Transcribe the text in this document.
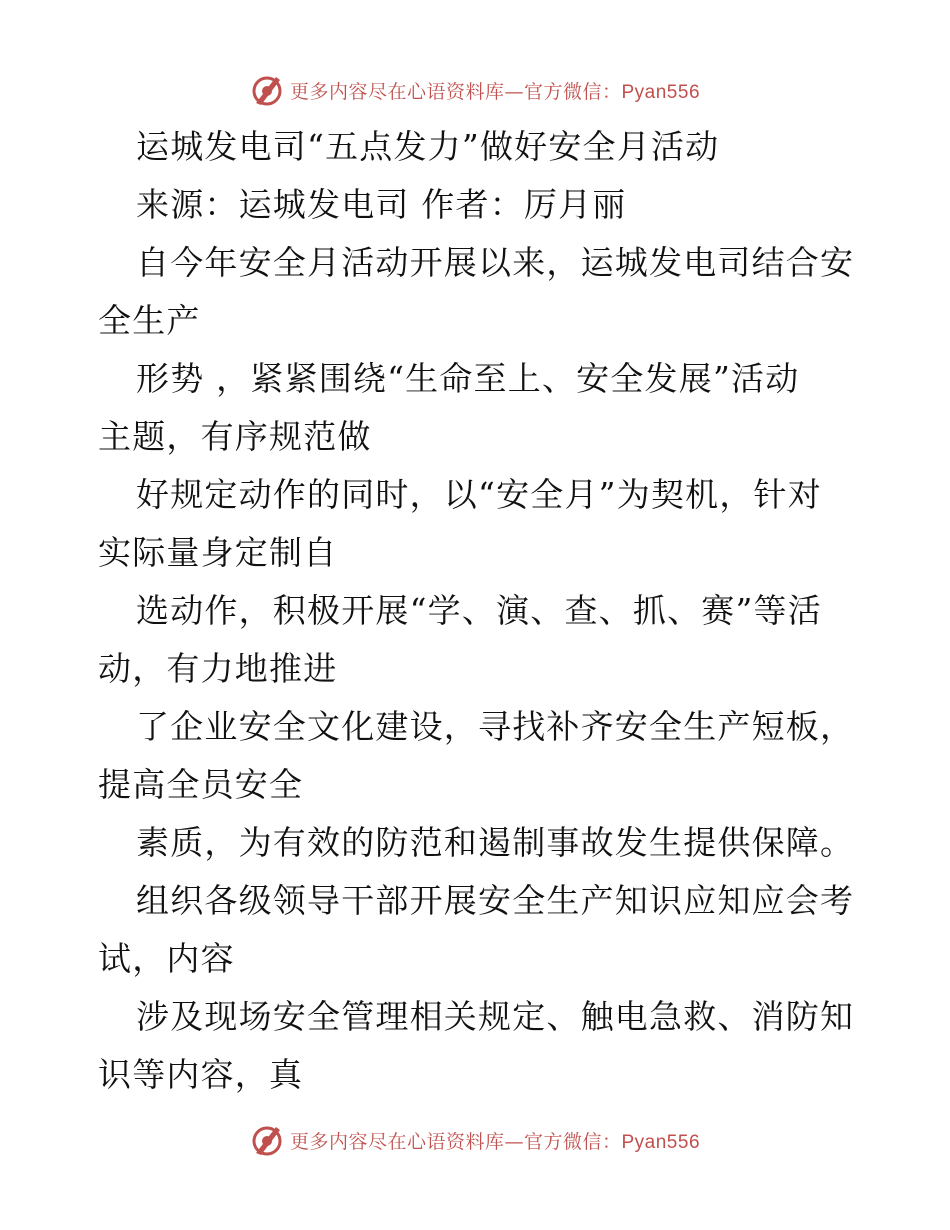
更多内容尽在心语资料库—官方微信：Pyan556
运城发电司“五点发力”做好安全月活动
来源：运城发电司 作者：厉月丽
自今年安全月活动开展以来，运城发电司结合安
全生产
形势 ，紧紧围绕“生命至上、安全发展”活动
主题，有序规范做
好规定动作的同时，以“安全月”为契机，针对
实际量身定制自
选动作，积极开展“学、演、查、抓、赛”等活
动，有力地推进
了企业安全文化建设，寻找补齐安全生产短板，
提高全员安全
素质，为有效的防范和遏制事故发生提供保障。
组织各级领导干部开展安全生产知识应知应会考
试，内容
涉及现场安全管理相关规定、触电急救、消防知
识等内容，真
更多内容尽在心语资料库—官方微信：Pyan556
